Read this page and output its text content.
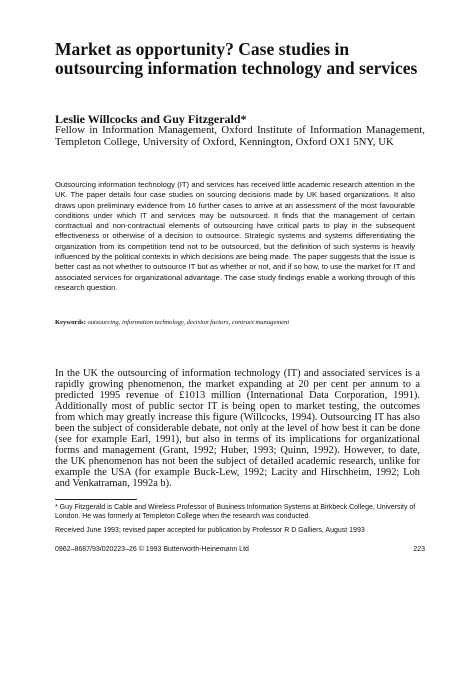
Market as opportunity? Case studies in outsourcing information technology and services

Leslie Willcocks and Guy Fitzgerald*

Fellow in Information Management, Oxford Institute of Information Management, Templeton College, University of Oxford, Kennington, Oxford OX1 5NY, UK

Outsourcing information technology (IT) and services has received little academic research attention in the UK. The paper details four case studies on sourcing decisions made by UK based organizations. It also draws upon preliminary evidence from 16 further cases to arrive at an assessment of the most favourable conditions under which IT and services may be outsourced. It finds that the management of certain contractual and non-contractual elements of outsourcing have critical parts to play in the subsequent effectiveness or otherwise of a decision to outsource. Strategic systems and systems differentiating the organization from its competition tend not to be outsourced, but the definition of such systems is heavily influenced by the political contexts in which decisions are being made. The paper suggests that the issue is better cast as not whether to outsource IT but as whether or not, and if so how, to use the market for IT and associated services for organizational advantage. The case study findings enable a working through of this research question.

Keywords: outsourcing, information technology, decision factors, contract management

In the UK the outsourcing of information technology (IT) and associated services is a rapidly growing phenomenon, the market expanding at 20 per cent per annum to a predicted 1995 revenue of £1013 million (International Data Corporation, 1991). Additionally most of public sector IT is being open to market testing, the outcomes from which may greatly increase this figure (Willcocks, 1994). Outsourcing IT has also been the subject of considerable debate, not only at the level of how best it can be done (see for example Earl, 1991), but also in terms of its implications for organizational forms and management (Grant, 1992; Huber, 1993; Quinn, 1992). However, to date, the UK phenomenon has not been the subject of detailed academic research, unlike for example the USA (for example Buck-Lew, 1992; Lacity and Hirschheim, 1992; Loh and Venkatraman, 1992a b).

* Guy Fitzgerald is Cable and Wireless Professor of Business Information Systems at Birkbeck College, University of London. He was formerly at Templeton College when the research was conducted.

Received June 1993; revised paper accepted for publication by Professor R D Galliers, August 1993

0962–8687/93/020223–26 © 1993 Butterworth-Heinemann Ltd	223
